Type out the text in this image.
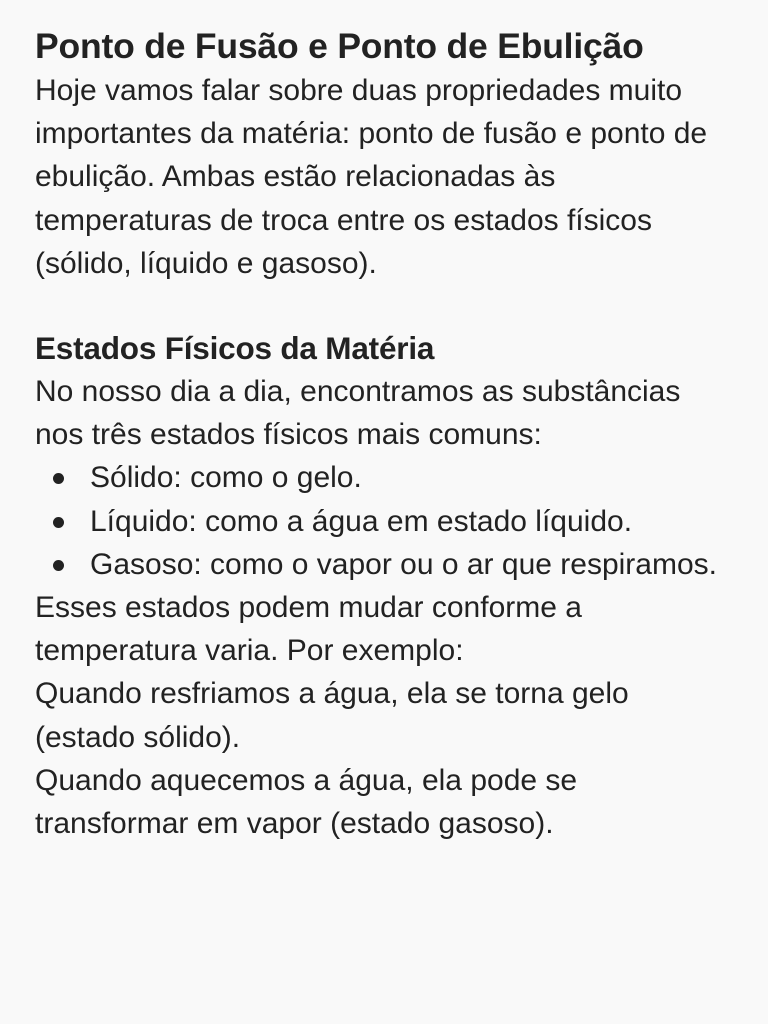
Ponto de Fusão e Ponto de Ebulição

Hoje vamos falar sobre duas propriedades muito importantes da matéria: ponto de fusão e ponto de ebulição. Ambas estão relacionadas às temperaturas de troca entre os estados físicos (sólido, líquido e gasoso).

Estados Físicos da Matéria

No nosso dia a dia, encontramos as substâncias nos três estados físicos mais comuns:

Sólido: como o gelo.
Líquido: como a água em estado líquido.
Gasoso: como o vapor ou o ar que respiramos.

Esses estados podem mudar conforme a temperatura varia. Por exemplo:

Quando resfriamos a água, ela se torna gelo (estado sólido).

Quando aquecemos a água, ela pode se transformar em vapor (estado gasoso).
